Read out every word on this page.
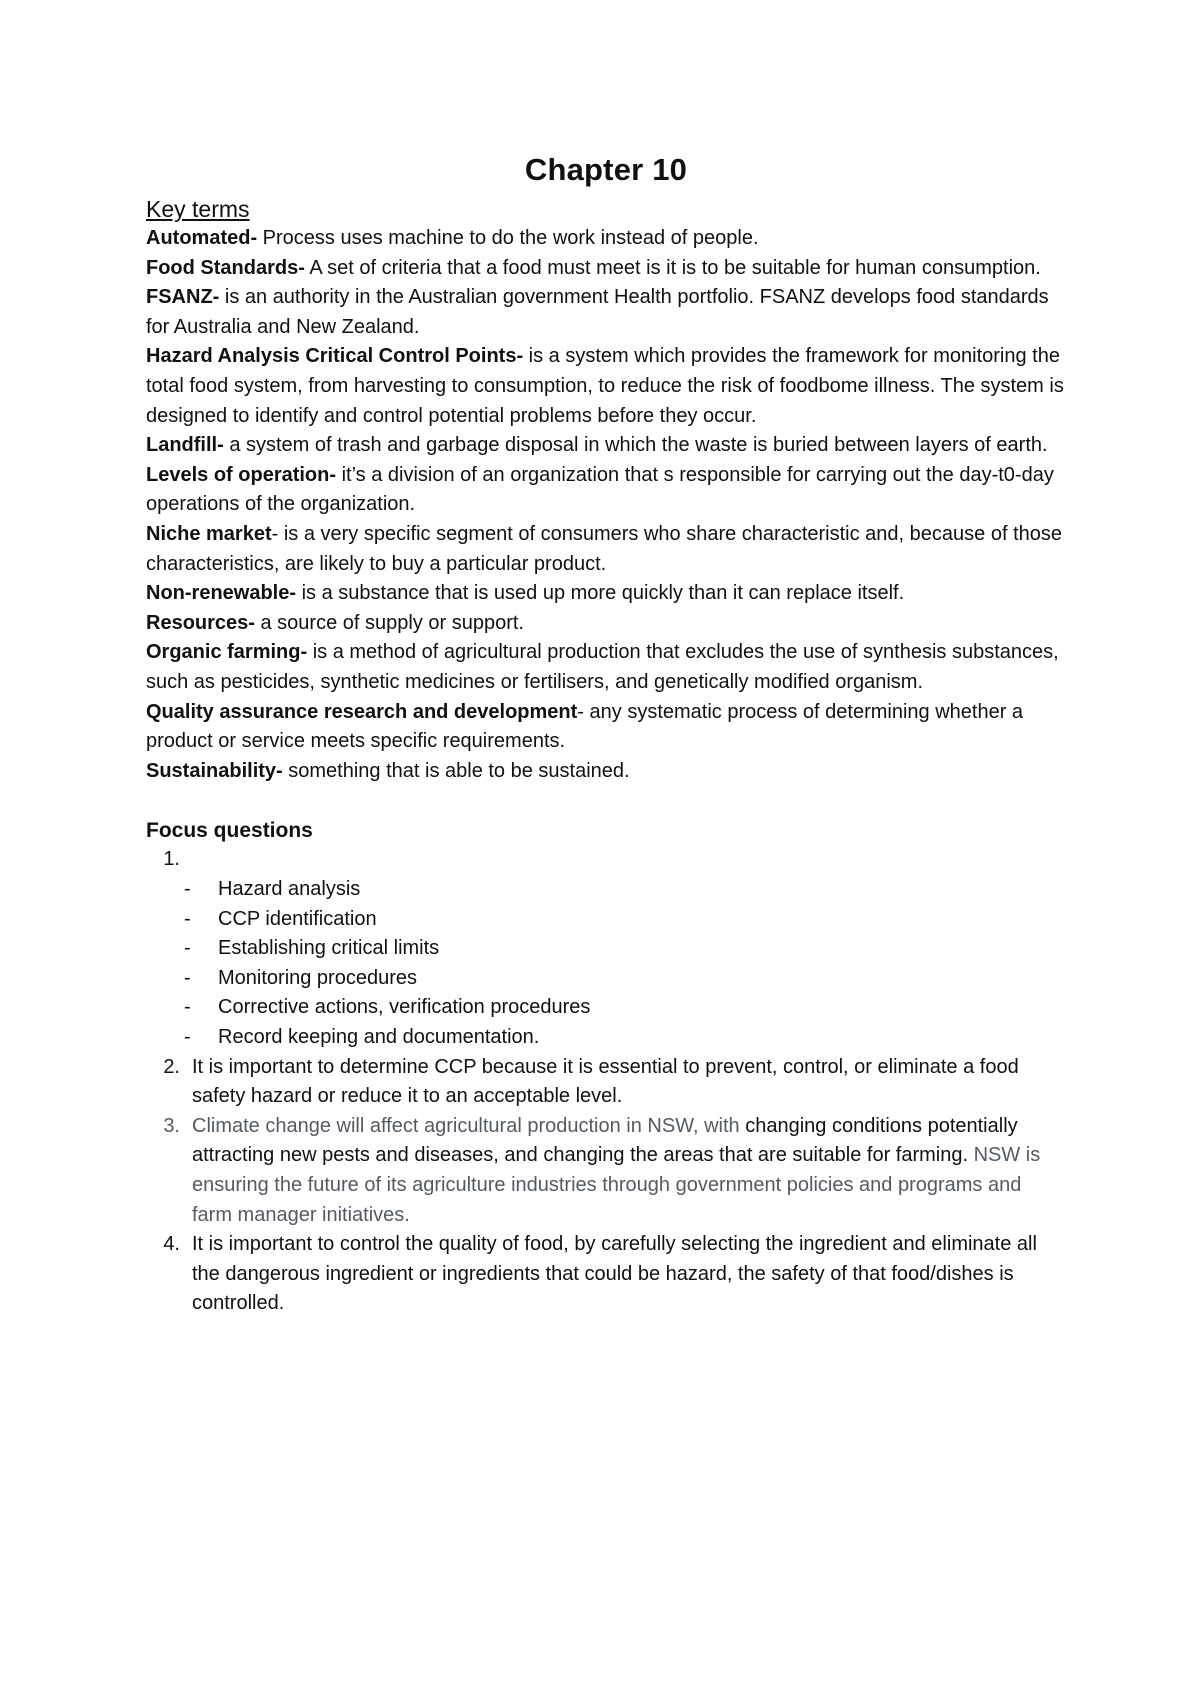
Chapter 10
Key terms
Automated- Process uses machine to do the work instead of people.
Food Standards- A set of criteria that a food must meet is it is to be suitable for human consumption.
FSANZ- is an authority in the Australian government Health portfolio. FSANZ develops food standards for Australia and New Zealand.
Hazard Analysis Critical Control Points- is a system which provides the framework for monitoring the total food system, from harvesting to consumption, to reduce the risk of foodbome illness. The system is designed to identify and control potential problems before they occur.
Landfill- a system of trash and garbage disposal in which the waste is buried between layers of earth.
Levels of operation- it’s a division of an organization that s responsible for carrying out the day-t0-day operations of the organization.
Niche market- is a very specific segment of consumers who share characteristic and, because of those characteristics, are likely to buy a particular product.
Non-renewable- is a substance that is used up more quickly than it can replace itself.
Resources- a source of supply or support.
Organic farming- is a method of agricultural production that excludes the use of synthesis substances, such as pesticides, synthetic medicines or fertilisers, and genetically modified organism.
Quality assurance research and development- any systematic process of determining whether a product or service meets specific requirements.
Sustainability- something that is able to be sustained.
Focus questions
1.
-	Hazard analysis
-	CCP identification
-	Establishing critical limits
-	Monitoring procedures
-	Corrective actions, verification procedures
-	Record keeping and documentation.
2. It is important to determine CCP because it is essential to prevent, control, or eliminate a food safety hazard or reduce it to an acceptable level.
3. Climate change will affect agricultural production in NSW, with changing conditions potentially attracting new pests and diseases, and changing the areas that are suitable for farming. NSW is ensuring the future of its agriculture industries through government policies and programs and farm manager initiatives.
4. It is important to control the quality of food, by carefully selecting the ingredient and eliminate all the dangerous ingredient or ingredients that could be hazard, the safety of that food/dishes is controlled.
